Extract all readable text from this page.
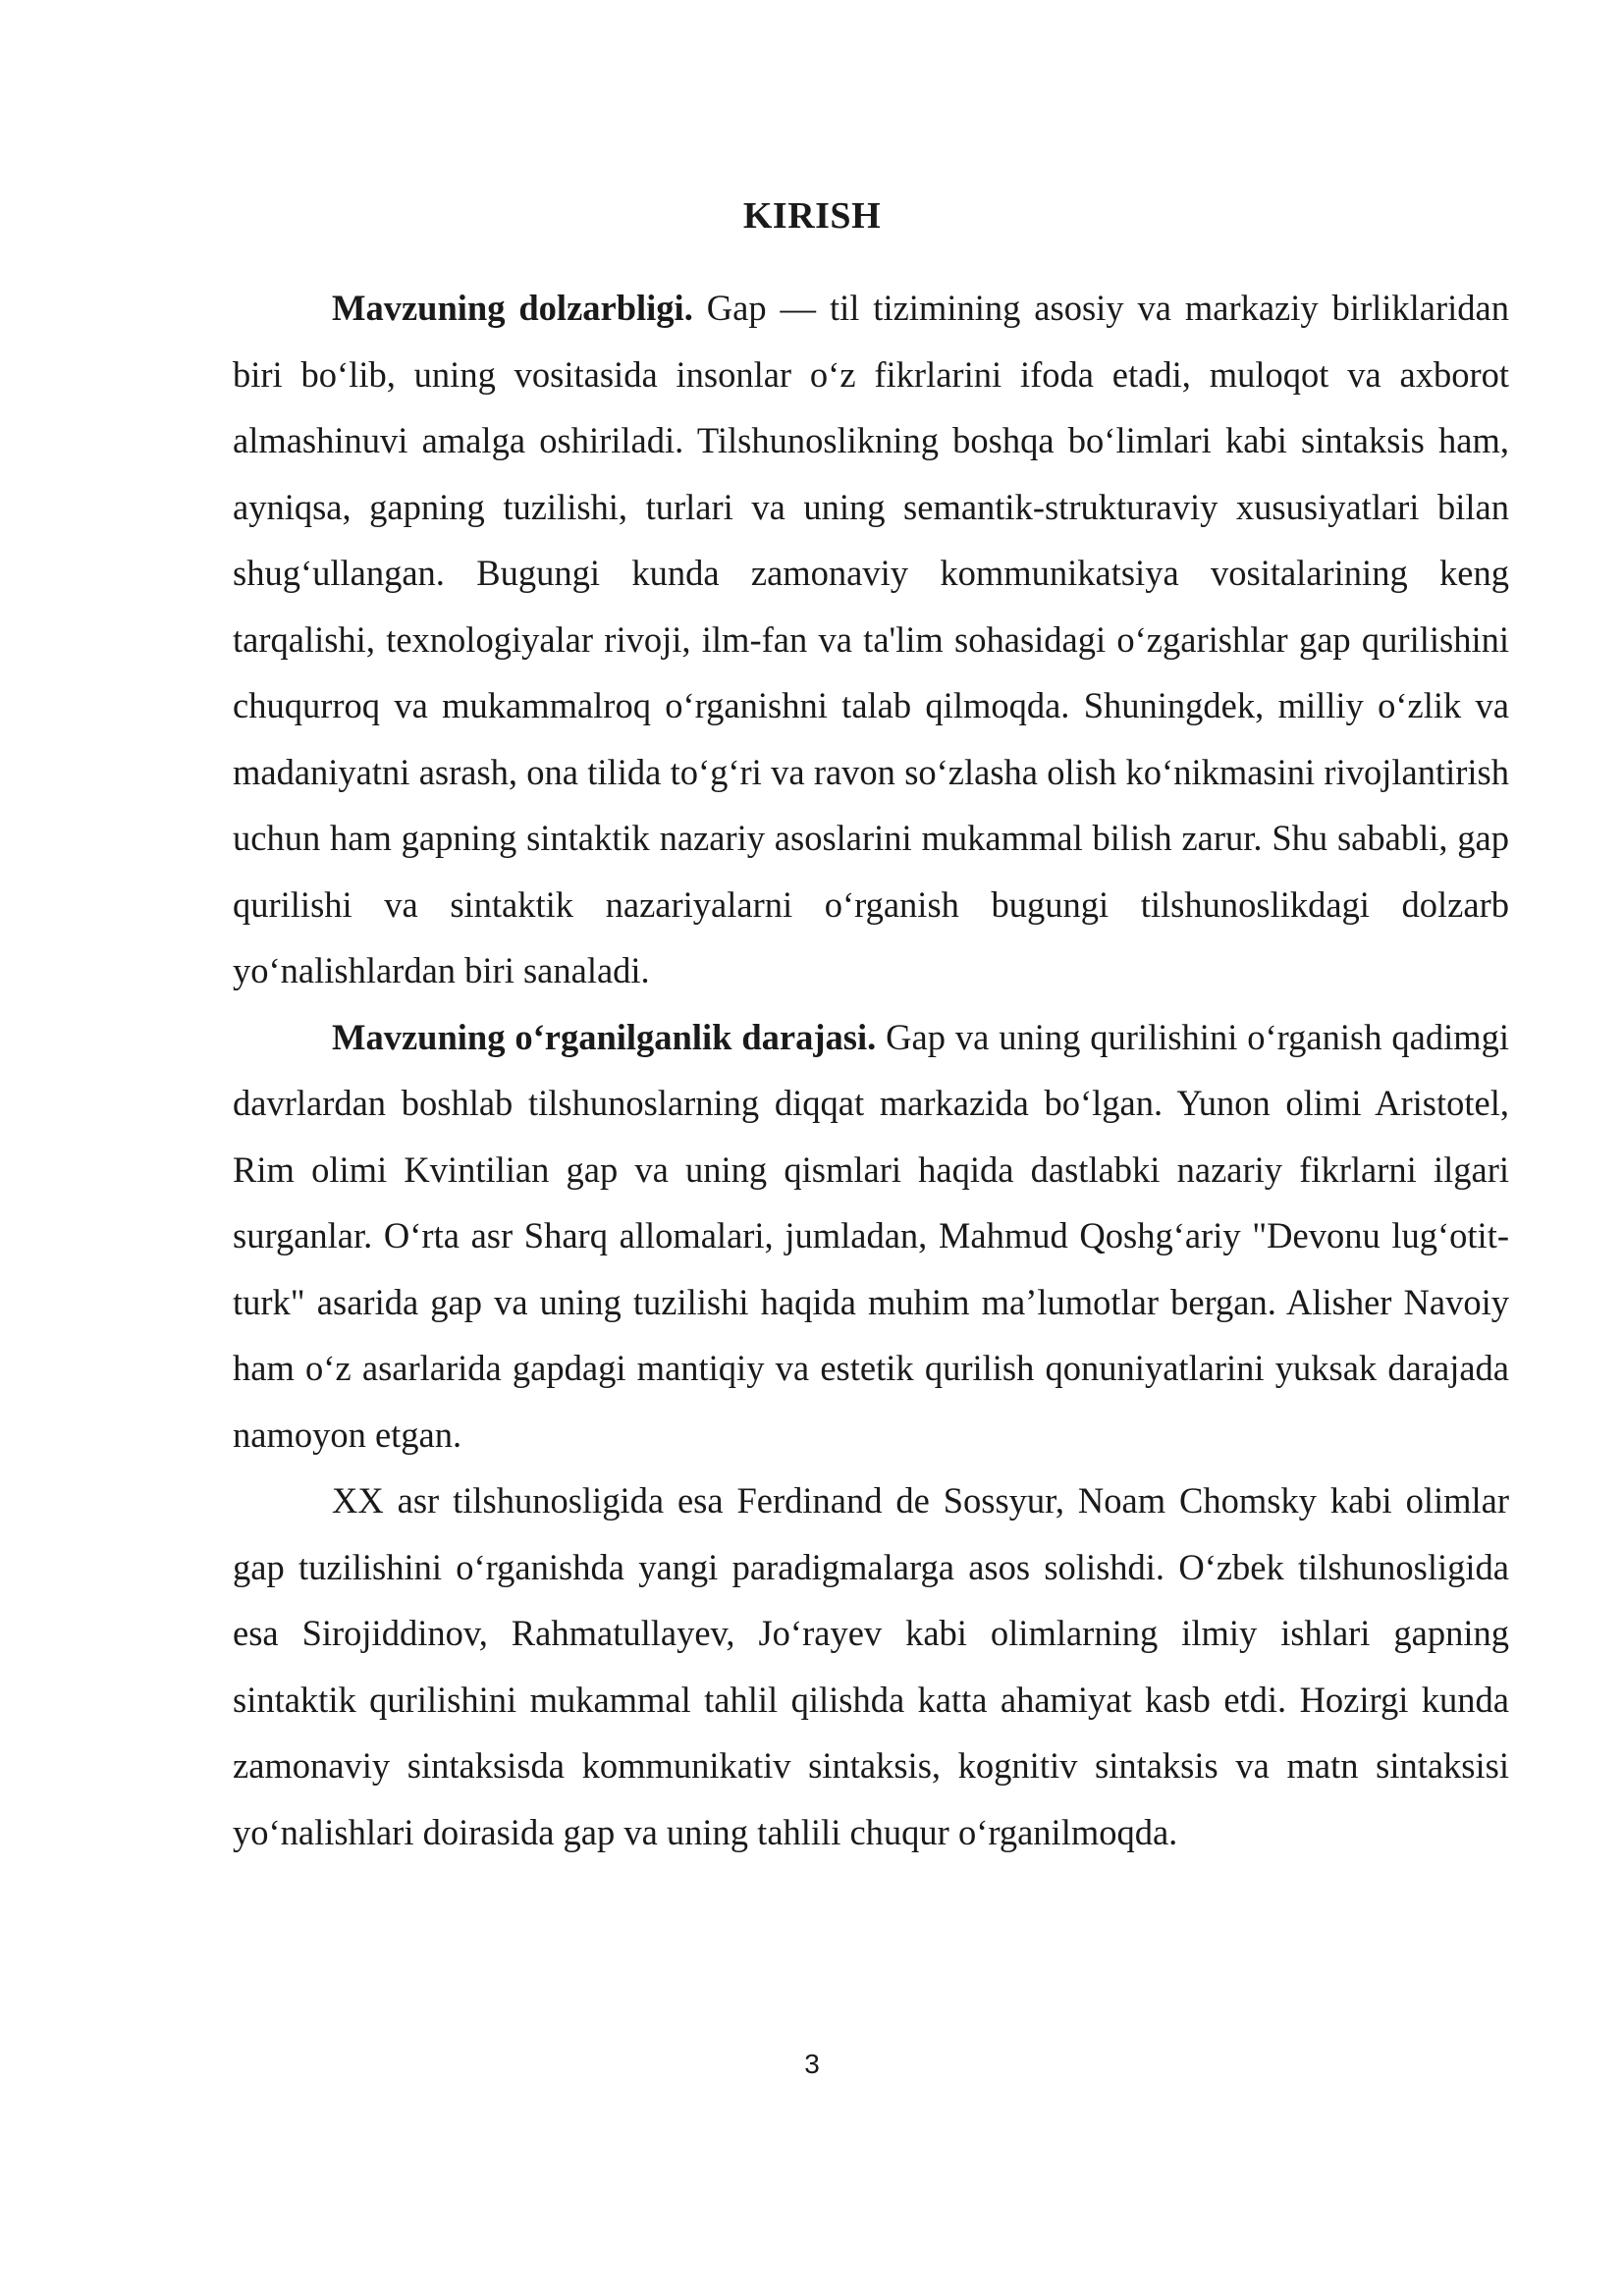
KIRISH

Mavzuning dolzarbligi. Gap — til tizimining asosiy va markaziy birliklaridan biri bo‘lib, uning vositasida insonlar o‘z fikrlarini ifoda etadi, muloqot va axborot almashinuvi amalga oshiriladi. Tilshunoslikning boshqa bo‘limlari kabi sintaksis ham, ayniqsa, gapning tuzilishi, turlari va uning semantik-strukturaviy xususiyatlari bilan shug‘ullangan. Bugungi kunda zamonaviy kommunikatsiya vositalarining keng tarqalishi, texnologiyalar rivoji, ilm-fan va ta'lim sohasidagi o‘zgarishlar gap qurilishini chuqurroq va mukammalroq o‘rganishni talab qilmoqda. Shuningdek, milliy o‘zlik va madaniyatni asrash, ona tilida to‘g‘ri va ravon so‘zlasha olish ko‘nikmasini rivojlantirish uchun ham gapning sintaktik nazariy asoslarini mukammal bilish zarur. Shu sababli, gap qurilishi va sintaktik nazariyalarni o‘rganish bugungi tilshunoslikdagi dolzarb yo‘nalishlardan biri sanaladi.

Mavzuning o‘rganilganlik darajasi. Gap va uning qurilishini o‘rganish qadimgi davrlardan boshlab tilshunoslarning diqqat markazida bo‘lgan. Yunon olimi Aristotel, Rim olimi Kvintilian gap va uning qismlari haqida dastlabki nazariy fikrlarni ilgari surganlar. O‘rta asr Sharq allomalari, jumladan, Mahmud Qoshg‘ariy "Devonu lug‘otit-turk" asarida gap va uning tuzilishi haqida muhim ma’lumotlar bergan. Alisher Navoiy ham o‘z asarlarida gapdagi mantiqiy va estetik qurilish qonuniyatlarini yuksak darajada namoyon etgan.

XX asr tilshunosligida esa Ferdinand de Sossyur, Noam Chomsky kabi olimlar gap tuzilishini o‘rganishda yangi paradigmalarga asos solishdi. O‘zbek tilshunosligida esa Sirojiddinov, Rahmatullayev, Jo‘rayev kabi olimlarning ilmiy ishlari gapning sintaktik qurilishini mukammal tahlil qilishda katta ahamiyat kasb etdi. Hozirgi kunda zamonaviy sintaksisda kommunikativ sintaksis, kognitiv sintaksis va matn sintaksisi yo‘nalishlari doirasida gap va uning tahlili chuqur o‘rganilmoqda.

3
